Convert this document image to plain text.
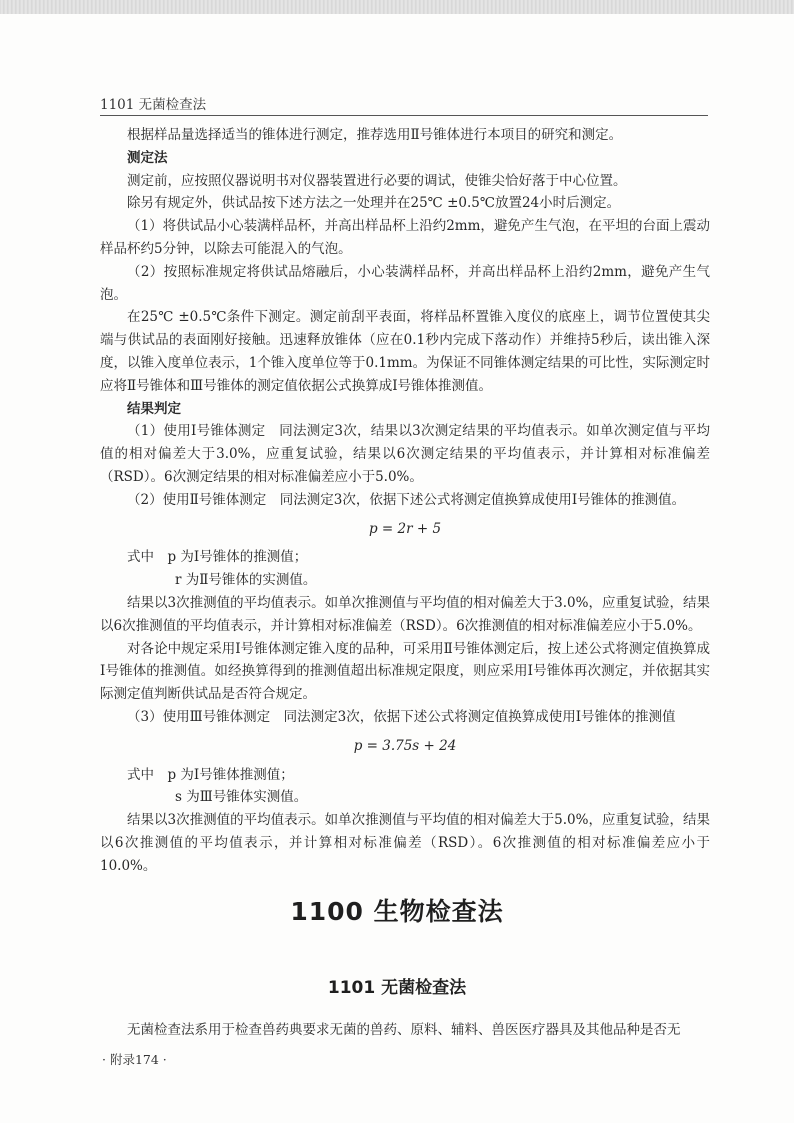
1101 无菌检查法

根据样品量选择适当的锥体进行测定，推荐选用Ⅱ号锥体进行本项目的研究和测定。

测定法

测定前，应按照仪器说明书对仪器装置进行必要的调试，使锥尖恰好落于中心位置。

除另有规定外，供试品按下述方法之一处理并在25℃ ±0.5℃放置24小时后测定。

（1）将供试品小心装满样品杯，并高出样品杯上沿约2mm，避免产生气泡，在平坦的台面上震动样品杯约5分钟，以除去可能混入的气泡。

（2）按照标准规定将供试品熔融后，小心装满样品杯，并高出样品杯上沿约2mm，避免产生气泡。

在25℃ ±0.5℃条件下测定。测定前刮平表面，将样品杯置锥入度仪的底座上，调节位置使其尖端与供试品的表面刚好接触。迅速释放锥体（应在0.1秒内完成下落动作）并维持5秒后，读出锥入深度，以锥入度单位表示，1个锥入度单位等于0.1mm。为保证不同锥体测定结果的可比性，实际测定时应将Ⅱ号锥体和Ⅲ号锥体的测定值依据公式换算成Ⅰ号锥体推测值。

结果判定

（1）使用Ⅰ号锥体测定　同法测定3次，结果以3次测定结果的平均值表示。如单次测定值与平均值的相对偏差大于3.0%，应重复试验，结果以6次测定结果的平均值表示，并计算相对标准偏差（RSD）。6次测定结果的相对标准偏差应小于5.0%。

（2）使用Ⅱ号锥体测定　同法测定3次，依据下述公式将测定值换算成使用Ⅰ号锥体的推测值。

p = 2r + 5

式中　p 为Ⅰ号锥体的推测值；

r 为Ⅱ号锥体的实测值。

结果以3次推测值的平均值表示。如单次推测值与平均值的相对偏差大于3.0%，应重复试验，结果以6次推测值的平均值表示，并计算相对标准偏差（RSD）。6次推测值的相对标准偏差应小于5.0%。

对各论中规定采用Ⅰ号锥体测定锥入度的品种，可采用Ⅱ号锥体测定后，按上述公式将测定值换算成Ⅰ号锥体的推测值。如经换算得到的推测值超出标准规定限度，则应采用Ⅰ号锥体再次测定，并依据其实际测定值判断供试品是否符合规定。

（3）使用Ⅲ号锥体测定　同法测定3次，依据下述公式将测定值换算成使用Ⅰ号锥体的推测值

p = 3.75s + 24

式中　p 为Ⅰ号锥体推测值；

s 为Ⅲ号锥体实测值。

结果以3次推测值的平均值表示。如单次推测值与平均值的相对偏差大于5.0%，应重复试验，结果以6次推测值的平均值表示，并计算相对标准偏差（RSD）。6次推测值的相对标准偏差应小于10.0%。

1100 生物检查法
1101 无菌检查法

无菌检查法系用于检查兽药典要求无菌的兽药、原料、辅料、兽医医疗器具及其他品种是否无

· 附录174 ·
